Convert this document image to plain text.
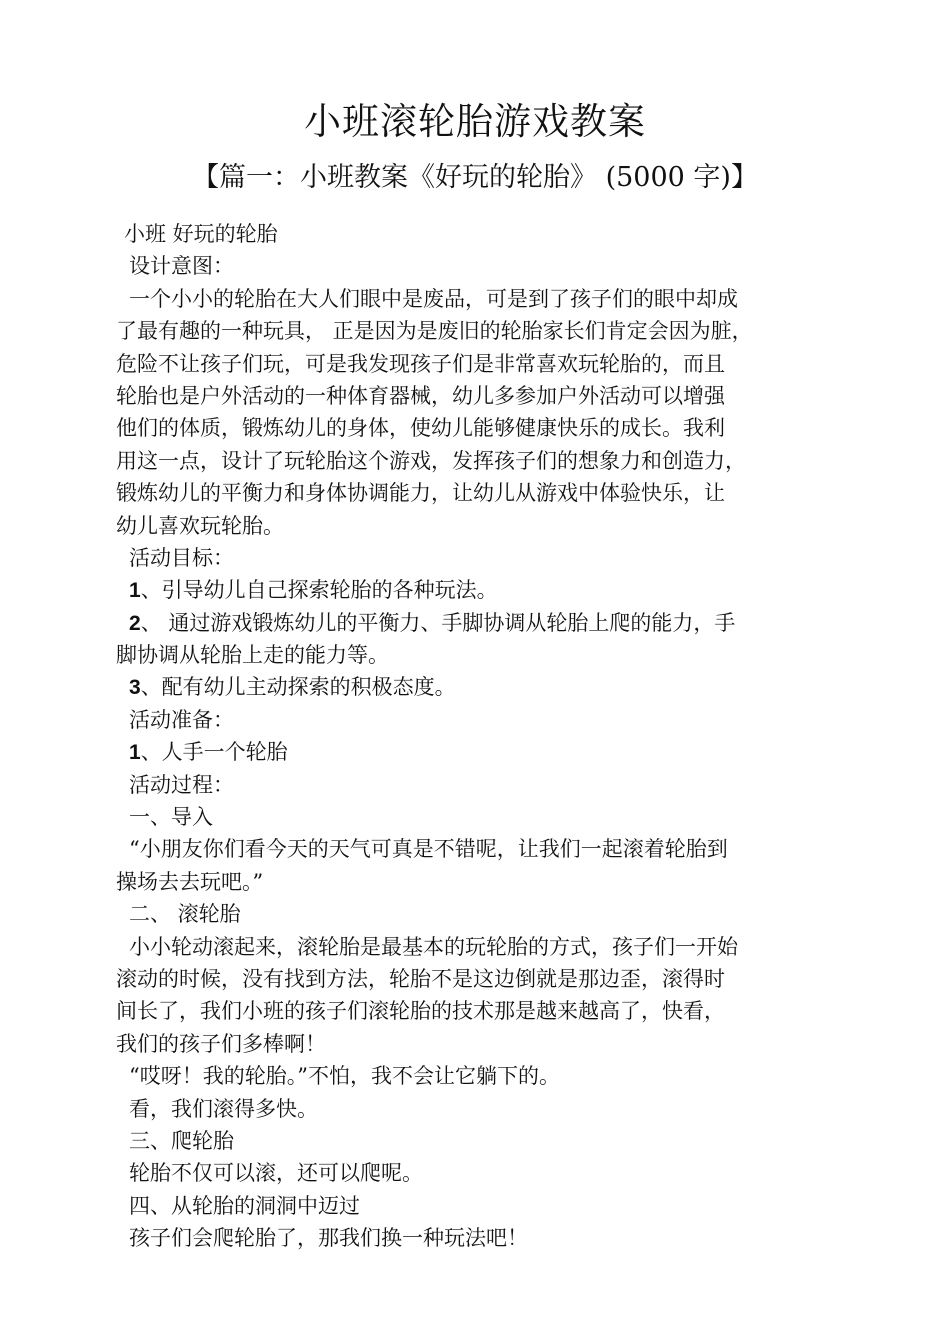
小班滚轮胎游戏教案
【篇一：小班教案《好玩的轮胎》 (5000 字)】
小班 好玩的轮胎
设计意图：
一个小小的轮胎在大人们眼中是废品，可是到了孩子们的眼中却成
了最有趣的一种玩具， 正是因为是废旧的轮胎家长们肯定会因为脏，
危险不让孩子们玩，可是我发现孩子们是非常喜欢玩轮胎的，而且
轮胎也是户外活动的一种体育器械，幼儿多参加户外活动可以增强
他们的体质，锻炼幼儿的身体，使幼儿能够健康快乐的成长。我利
用这一点，设计了玩轮胎这个游戏，发挥孩子们的想象力和创造力，
锻炼幼儿的平衡力和身体协调能力，让幼儿从游戏中体验快乐，让
幼儿喜欢玩轮胎。
活动目标：
1、引导幼儿自己探索轮胎的各种玩法。
2、 通过游戏锻炼幼儿的平衡力、手脚协调从轮胎上爬的能力，手
脚协调从轮胎上走的能力等。
3、配有幼儿主动探索的积极态度。
活动准备：
1、人手一个轮胎
活动过程：
一、导入
“小朋友你们看今天的天气可真是不错呢，让我们一起滚着轮胎到
操场去去玩吧。”
二、 滚轮胎
小小轮动滚起来，滚轮胎是最基本的玩轮胎的方式，孩子们一开始
滚动的时候，没有找到方法，轮胎不是这边倒就是那边歪，滚得时
间长了，我们小班的孩子们滚轮胎的技术那是越来越高了，快看，
我们的孩子们多棒啊！
“哎呀！我的轮胎。”不怕，我不会让它躺下的。
看，我们滚得多快。
三、爬轮胎
轮胎不仅可以滚，还可以爬呢。
四、从轮胎的洞洞中迈过
孩子们会爬轮胎了，那我们换一种玩法吧！
